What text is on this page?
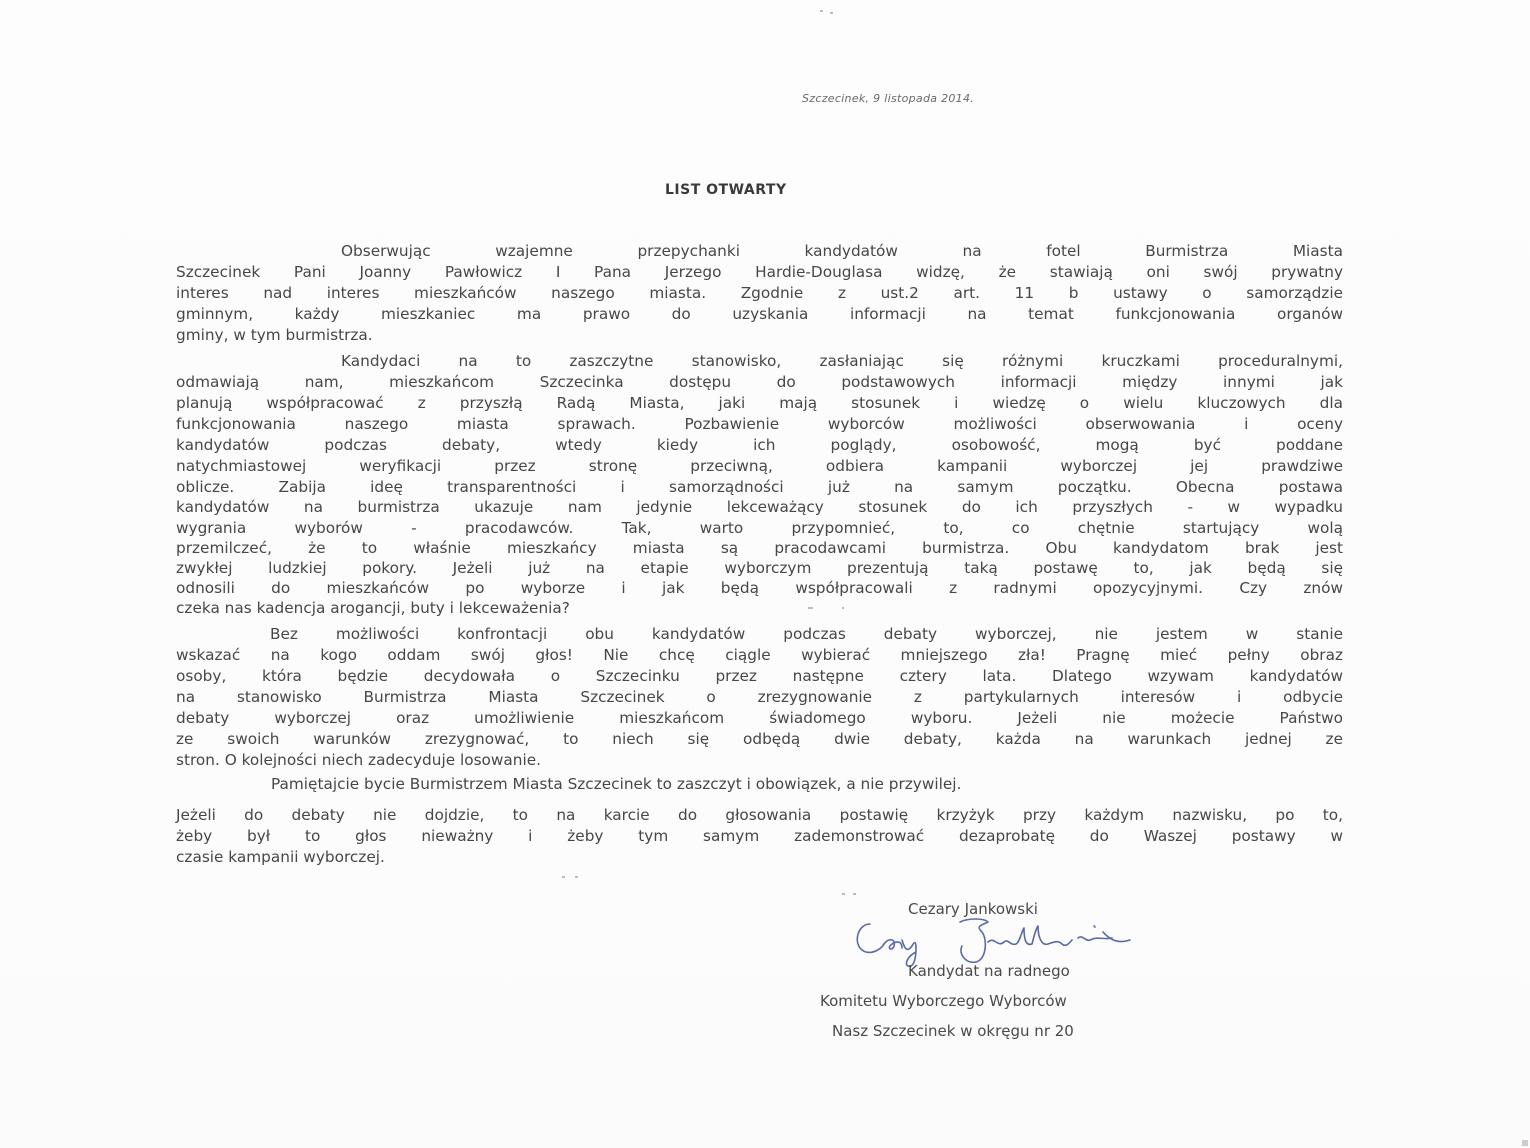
Szczecinek, 9 listopada 2014.
LIST OTWARTY
Obserwując wzajemne przepychanki kandydatów na fotel Burmistrza Miasta
Szczecinek Pani Joanny Pawłowicz I Pana Jerzego Hardie-Douglasa widzę, że stawiają oni swój prywatny
interes nad interes mieszkańców naszego miasta. Zgodnie z ust.2 art. 11 b ustawy o samorządzie
gminnym, każdy mieszkaniec ma prawo do uzyskania informacji na temat funkcjonowania organów
gminy, w tym burmistrza.
Kandydaci na to zaszczytne stanowisko, zasłaniając się różnymi kruczkami proceduralnymi,
odmawiają nam, mieszkańcom Szczecinka dostępu do podstawowych informacji między innymi jak
planują współpracować z przyszłą Radą Miasta, jaki mają stosunek i wiedzę o wielu kluczowych dla
funkcjonowania naszego miasta sprawach. Pozbawienie wyborców możliwości obserwowania i oceny
kandydatów podczas debaty, wtedy kiedy ich poglądy, osobowość, mogą być poddane
natychmiastowej weryfikacji przez stronę przeciwną, odbiera kampanii wyborczej jej prawdziwe
oblicze. Zabija ideę transparentności i samorządności już na samym początku. Obecna postawa
kandydatów na burmistrza ukazuje nam jedynie lekceważący stosunek do ich przyszłych - w wypadku
wygrania wyborów - pracodawców. Tak, warto przypomnieć, to, co chętnie startujący wolą
przemilczeć, że to właśnie mieszkańcy miasta są pracodawcami burmistrza. Obu kandydatom brak jest
zwykłej ludzkiej pokory. Jeżeli już na etapie wyborczym prezentują taką postawę to, jak będą się
odnosili do mieszkańców po wyborze i jak będą współpracowali z radnymi opozycyjnymi. Czy znów
czeka nas kadencja arogancji, buty i lekceważenia?
Bez możliwości konfrontacji obu kandydatów podczas debaty wyborczej, nie jestem w stanie
wskazać na kogo oddam swój głos! Nie chcę ciągle wybierać mniejszego zła! Pragnę mieć pełny obraz
osoby, która będzie decydowała o Szczecinku przez następne cztery lata. Dlatego wzywam kandydatów
na stanowisko Burmistrza Miasta Szczecinek o zrezygnowanie z partykularnych interesów i odbycie
debaty wyborczej oraz umożliwienie mieszkańcom świadomego wyboru. Jeżeli nie możecie Państwo
ze swoich warunków zrezygnować, to niech się odbędą dwie debaty, każda na warunkach jednej ze
stron. O kolejności niech zadecyduje losowanie.
Pamiętajcie bycie Burmistrzem Miasta Szczecinek to zaszczyt i obowiązek, a nie przywilej.
Jeżeli do debaty nie dojdzie, to na karcie do głosowania postawię krzyżyk przy każdym nazwisku, po to,
żeby był to głos nieważny i żeby tym samym zademonstrować dezaprobatę do Waszej postawy w
czasie kampanii wyborczej.
Cezary Jankowski
Kandydat na radnego
Komitetu Wyborczego Wyborców
Nasz Szczecinek w okręgu nr 20
